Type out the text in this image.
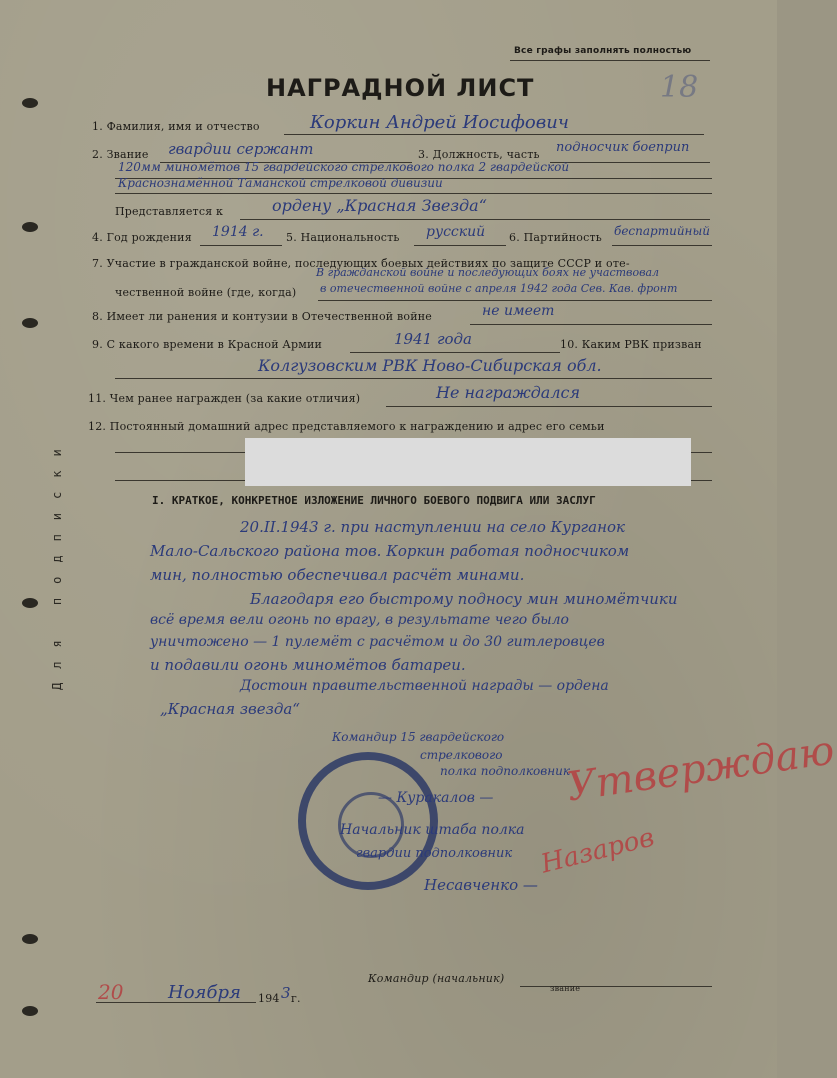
Для подписки
Все графы заполнять полностью
НАГРАДНОЙ ЛИСТ	18
1. Фамилия, имя и отчество	Коркин Андрей Иосифович
2. Звание гвардии сержант	3. Должность, часть подносчик боеприп
120мм миномётов 15 гвардейского стрелкового полка 2 гвардейской
Краснознамённой Таманской стрелковой дивизии
Представляется к	ордену „Красная Звезда“
4. Год рождения 1914 г. 5. Национальность русский 6. Партийность беспартийный
7. Участие в гражданской войне, последующих боевых действиях по защите СССР и оте-
В гражданской войне и последующих боях не участвовал
чественной войне (где, когда) в отечественной войне с апреля 1942 года Сев. Кав. фронт
8. Имеет ли ранения и контузии в Отечественной войне	не имеет
9. С какого времени в Красной Армии	1941 года	10. Каким РВК призван
Колгузовским РВК Ново-Сибирская обл.
11. Чем ранее награжден (за какие отличия)	Не награждался
12. Постоянный домашний адрес представляемого к награждению и адрес его семьи
I. КРАТКОЕ, КОНКРЕТНОЕ ИЗЛОЖЕНИЕ ЛИЧНОГО БОЕВОГО ПОДВИГА ИЛИ ЗАСЛУГ
20.II.1943 г. при наступлении на село Курганок
Мало-Сальского района тов. Коркин работая подносчиком
мин, полностью обеспечивал расчёт минами.
Благодаря его быстрому подносу мин миномётчики
всё время вели огонь по врагу, в результате чего было
уничтожено — 1 пулемёт с расчётом и до 30 гитлеровцев
и подавили огонь миномётов батареи.
Достоин правительственной награды — ордена
„Красная звезда“
Командир 15 гвардейского
стрелкового
полка подполковник
— Куракалов —
Начальник штаба полка
гвардии подполковник
Несавченко —
Утверждаю
Назаров
Командир (начальник)
звание
20 Ноября 194 3 г.
